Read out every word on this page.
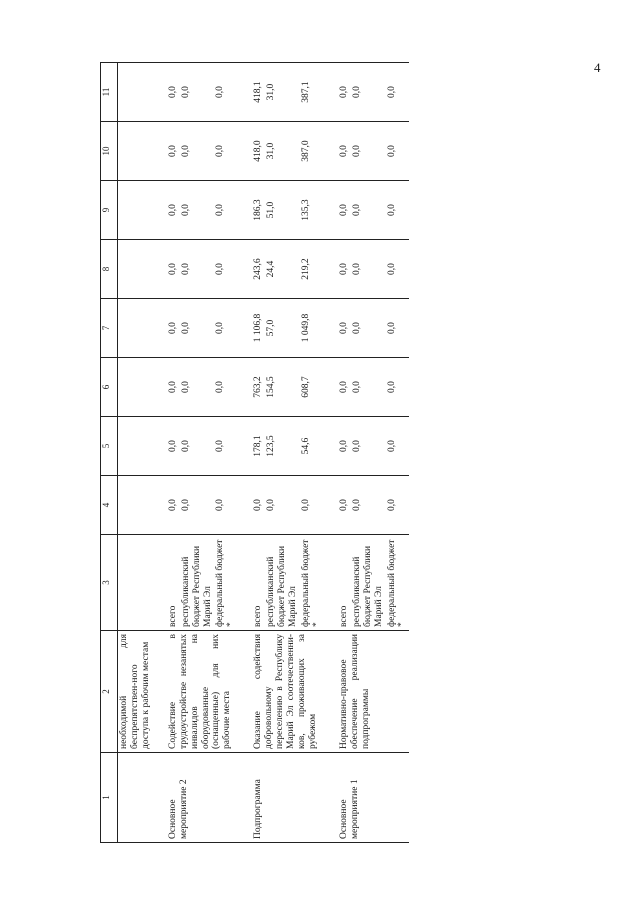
4
1	2	3	4	5	6	7	8	9	10	11
	необходимой для беспрепятствен-ного доступа к рабочим местам									

Основное мероприятие 2	Содействие в трудоустройстве незанятых инвалидов на оборудованные (оснащенные) для них рабочие места	всего	0,0	0,0	0,0	0,0	0,0	0,0	0,0	0,0
		республиканский бюджет Республики Марий Эл	0,0	0,0	0,0	0,0	0,0	0,0	0,0	0,0
		федеральный бюджет *	0,0	0,0	0,0	0,0	0,0	0,0	0,0	0,0

Подпрограмма	Оказание содействия добровольному переселению в Республику Марий Эл соотечественни-ков, проживающих за рубежом	всего	0,0	178,1	763,2	1 106,8	243,6	186,3	418,0	418,1
		республиканский бюджет Республики Марий Эл	0,0	123,5	154,5	57,0	24,4	51,0	31,0	31,0
		федеральный бюджет *	0,0	54,6	608,7	1 049,8	219,2	135,3	387,0	387,1

Основное мероприятие 1	Нормативно-правовое обеспечение реализации подпрограммы	всего	0,0	0,0	0,0	0,0	0,0	0,0	0,0	0,0
		республиканский бюджет Республики Марий Эл	0,0	0,0	0,0	0,0	0,0	0,0	0,0	0,0
		федеральный бюджет *	0,0	0,0	0,0	0,0	0,0	0,0	0,0	0,0
